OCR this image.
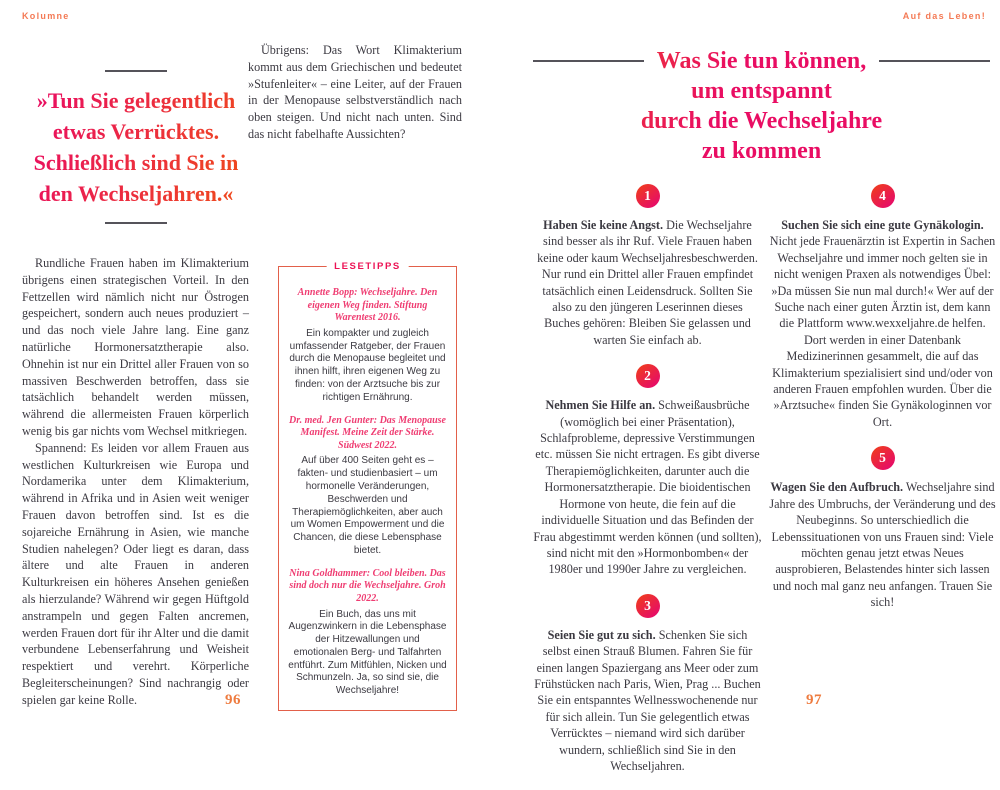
Kolumne	Auf das Leben!
»Tun Sie gelegentlich
etwas Verrücktes.
Schließlich sind Sie in
den Wechseljahren.«

Rundliche Frauen haben im Klimakterium übrigens einen strategischen Vorteil. In den Fettzellen wird nämlich nicht nur Östrogen gespeichert, sondern auch neues produziert – und das noch viele Jahre lang. Eine ganz natürliche Hormonersatztherapie also. Ohnehin ist nur ein Drittel aller Frauen von so massiven Beschwerden betroffen, dass sie tatsächlich behandelt werden müssen, während die allermeisten Frauen körperlich wenig bis gar nichts vom Wechsel mitkriegen.

Spannend: Es leiden vor allem Frauen aus westlichen Kulturkreisen wie Europa und Nordamerika unter dem Klimakterium, während in Afrika und in Asien weit weniger Frauen davon betroffen sind. Ist es die sojareiche Ernährung in Asien, wie manche Studien nahelegen? Oder liegt es daran, dass ältere und alte Frauen in anderen Kulturkreisen ein höheres Ansehen genießen als hierzulande? Während wir gegen Hüftgold anstrampeln und gegen Falten ancremen, werden Frauen dort für ihr Alter und die damit verbundene Lebenserfahrung und Weisheit respektiert und verehrt. Körperliche Begleiterscheinungen? Sind nachrangig oder spielen gar keine Rolle.

Übrigens: Das Wort Klimakterium kommt aus dem Griechischen und bedeutet »Stufenleiter« – eine Leiter, auf der Frauen in der Menopause selbstverständlich nach oben steigen. Und nicht nach unten. Sind das nicht fabelhafte Aussichten?

LESETIPPS

Annette Bopp: Wechseljahre. Den eigenen Weg finden. Stiftung Warentest 2016.

Ein kompakter und zugleich umfassender Ratgeber, der Frauen durch die Menopause begleitet und ihnen hilft, ihren eigenen Weg zu finden: von der Arztsuche bis zur richtigen Ernährung.

Dr. med. Jen Gunter: Das Menopause Manifest. Meine Zeit der Stärke. Südwest 2022.

Auf über 400 Seiten geht es – fakten- und studienbasiert – um hormonelle Veränderungen, Beschwerden und Therapiemöglichkeiten, aber auch um Women Empowerment und die Chancen, die diese Lebensphase bietet.

Nina Goldhammer: Cool bleiben. Das sind doch nur die Wechseljahre. Groh 2022.

Ein Buch, das uns mit Augenzwinkern in die Lebensphase der Hitzewallungen und emotionalen Berg- und Talfahrten entführt. Zum Mitfühlen, Nicken und Schmunzeln. Ja, so sind sie, die Wechseljahre!

96
Was Sie tun können,
um entspannt
durch die Wechseljahre
zu kommen
1

Haben Sie keine Angst. Die Wechseljahre sind besser als ihr Ruf. Viele Frauen haben keine oder kaum Wechseljahresbeschwerden. Nur rund ein Drittel aller Frauen empfindet tatsächlich einen Leidensdruck. Sollten Sie also zu den jüngeren Leserinnen dieses Buches gehören: Bleiben Sie gelassen und warten Sie einfach ab.

2

Nehmen Sie Hilfe an. Schweißausbrüche (womöglich bei einer Präsentation), Schlafprobleme, depressive Verstimmungen etc. müssen Sie nicht ertragen. Es gibt diverse Therapiemöglichkeiten, darunter auch die Hormonersatztherapie. Die bioidentischen Hormone von heute, die fein auf die individuelle Situation und das Befinden der Frau abgestimmt werden können (und sollten), sind nicht mit den »Hormonbomben« der 1980er und 1990er Jahre zu vergleichen.

3

Seien Sie gut zu sich. Schenken Sie sich selbst einen Strauß Blumen. Fahren Sie für einen langen Spaziergang ans Meer oder zum Frühstücken nach Paris, Wien, Prag ... Buchen Sie ein entspanntes Wellnesswochenende nur für sich allein. Tun Sie gelegentlich etwas Verrücktes – niemand wird sich darüber wundern, schließlich sind Sie in den Wechseljahren.

4

Suchen Sie sich eine gute Gynäkologin. Nicht jede Frauenärztin ist Expertin in Sachen Wechseljahre und immer noch gelten sie in nicht wenigen Praxen als notwendiges Übel: »Da müssen Sie nun mal durch!« Wer auf der Suche nach einer guten Ärztin ist, dem kann die Plattform www.wexxeljahre.de helfen. Dort werden in einer Datenbank Medizinerinnen gesammelt, die auf das Klimakterium spezialisiert sind und/oder von anderen Frauen empfohlen wurden. Über die »Arztsuche« finden Sie Gynäkologinnen vor Ort.

5

Wagen Sie den Aufbruch. Wechseljahre sind Jahre des Umbruchs, der Veränderung und des Neubeginns. So unterschiedlich die Lebenssituationen von uns Frauen sind: Viele möchten genau jetzt etwas Neues ausprobieren, Belastendes hinter sich lassen und noch mal ganz neu anfangen. Trauen Sie sich!

97
